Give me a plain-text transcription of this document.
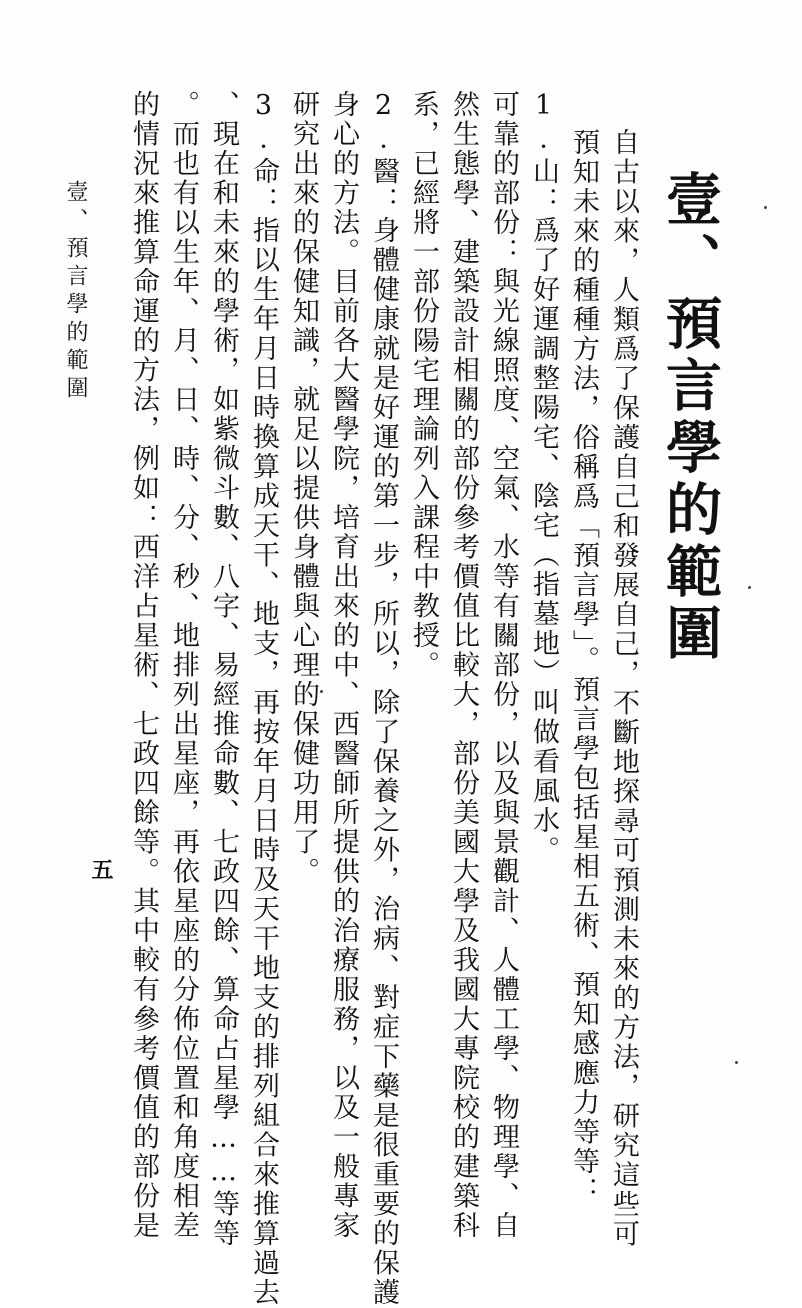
壹、預言學的範圍
自古以來，人類爲了保護自己和發展自己，不斷地探尋可預測未來的方法，研究這些可
預知未來的種種方法，俗稱爲「預言學」。預言學包括星相五術、預知感應力等等：
1.山：爲了好運調整陽宅、陰宅（指墓地）叫做看風水。
可靠的部份：與光線照度、空氣、水等有關部份，以及與景觀計、人體工學、物理學、自
然生態學、建築設計相關的部份參考價值比較大，部份美國大學及我國大專院校的建築科
系，已經將一部份陽宅理論列入課程中教授。
2.醫：身體健康就是好運的第一步，所以，除了保養之外，治病、對症下藥是很重要的保護
身心的方法。目前各大醫學院，培育出來的中、西醫師所提供的治療服務，以及一般專家
研究出來的保健知識，就足以提供身體與心理的保健功用了。
3.命：指以生年月日時換算成天干、地支，再按年月日時及天干地支的排列組合來推算過去
、現在和未來的學術，如紫微斗數、八字、易經推命數、七政四餘、算命占星學……等等
。而也有以生年、月、日、時、分、秒、地排列出星座，再依星座的分佈位置和角度相差
的情況來推算命運的方法，例如：西洋占星術、七政四餘等。其中較有參考價值的部份是
壹、預言學的範圍
五
